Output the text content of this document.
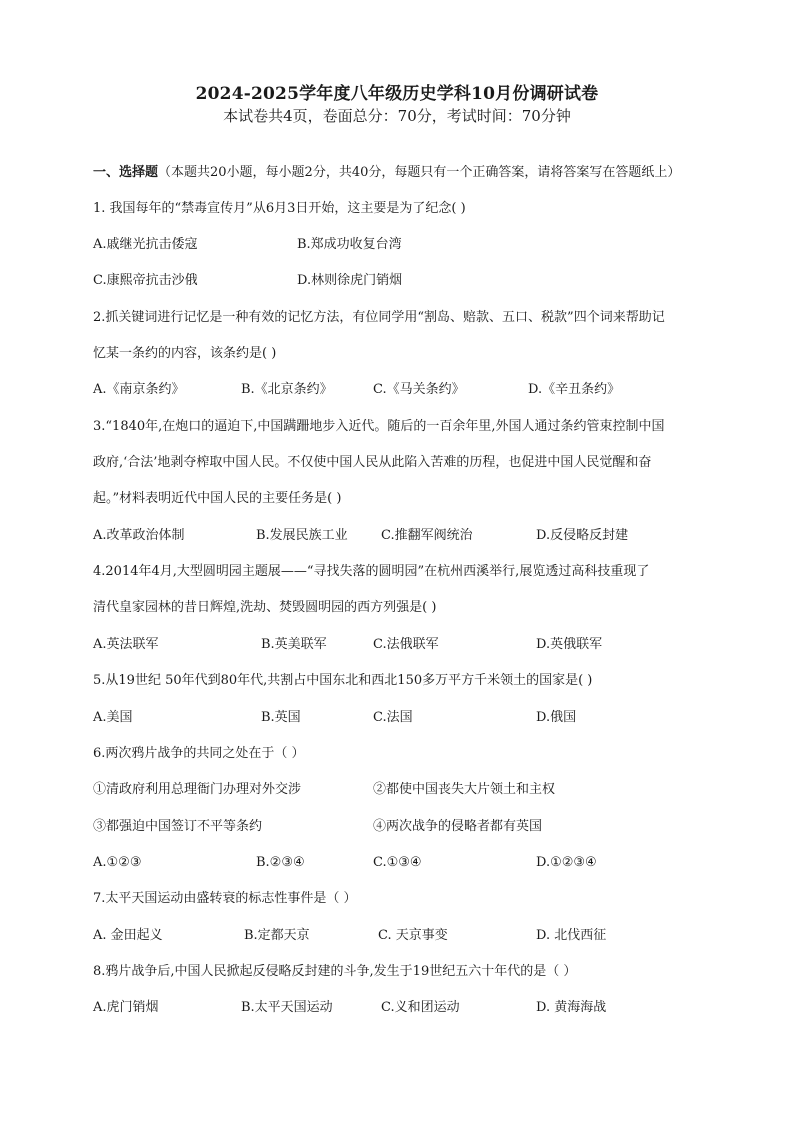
2024-2025学年度八年级历史学科10月份调研试卷
本试卷共4页，卷面总分：70分，考试时间：70分钟
一、选择题（本题共20小题，每小题2分，共40分，每题只有一个正确答案，请将答案写在答题纸上）
1. 我国每年的“禁毒宣传月”从6月3日开始，这主要是为了纪念( )
A.戚继光抗击倭寇	B.郑成功收复台湾
C.康熙帝抗击沙俄	D.林则徐虎门销烟
2.抓关键词进行记忆是一种有效的记忆方法，有位同学用“割岛、赔款、五口、税款”四个词来帮助记
忆某一条约的内容，该条约是( )
A.《南京条约》	B.《北京条约》	C.《马关条约》	D.《辛丑条约》
3.“1840年,在炮口的逼迫下,中国蹒跚地步入近代。随后的一百余年里,外国人通过条约管束控制中国
政府,‘合法’地剥夺榨取中国人民。不仅使中国人民从此陷入苦难的历程，也促进中国人民觉醒和奋
起。”材料表明近代中国人民的主要任务是( )
A.改革政治体制	B.发展民族工业	C.推翻军阀统治	D.反侵略反封建
4.2014年4月,大型圆明园主题展——“寻找失落的圆明园”在杭州西溪举行,展览透过高科技重现了
清代皇家园林的昔日辉煌,洗劫、焚毁圆明园的西方列强是( )
A.英法联军	B.英美联军	C.法俄联军	D.英俄联军
5.从19世纪 50年代到80年代,共割占中国东北和西北150多万平方千米领土的国家是( )
A.美国	B.英国	C.法国	D.俄国
6.两次鸦片战争的共同之处在于（ ）
①清政府利用总理衙门办理对外交涉	②都使中国丧失大片领土和主权
③都强迫中国签订不平等条约	④两次战争的侵略者都有英国
A.①②③	B.②③④	C.①③④	D.①②③④
7.太平天国运动由盛转衰的标志性事件是（ ）
A. 金田起义	B.定都天京	C. 天京事变	D. 北伐西征
8.鸦片战争后,中国人民掀起反侵略反封建的斗争,发生于19世纪五六十年代的是（ ）
A.虎门销烟	B.太平天国运动	C.义和团运动	D. 黄海海战
